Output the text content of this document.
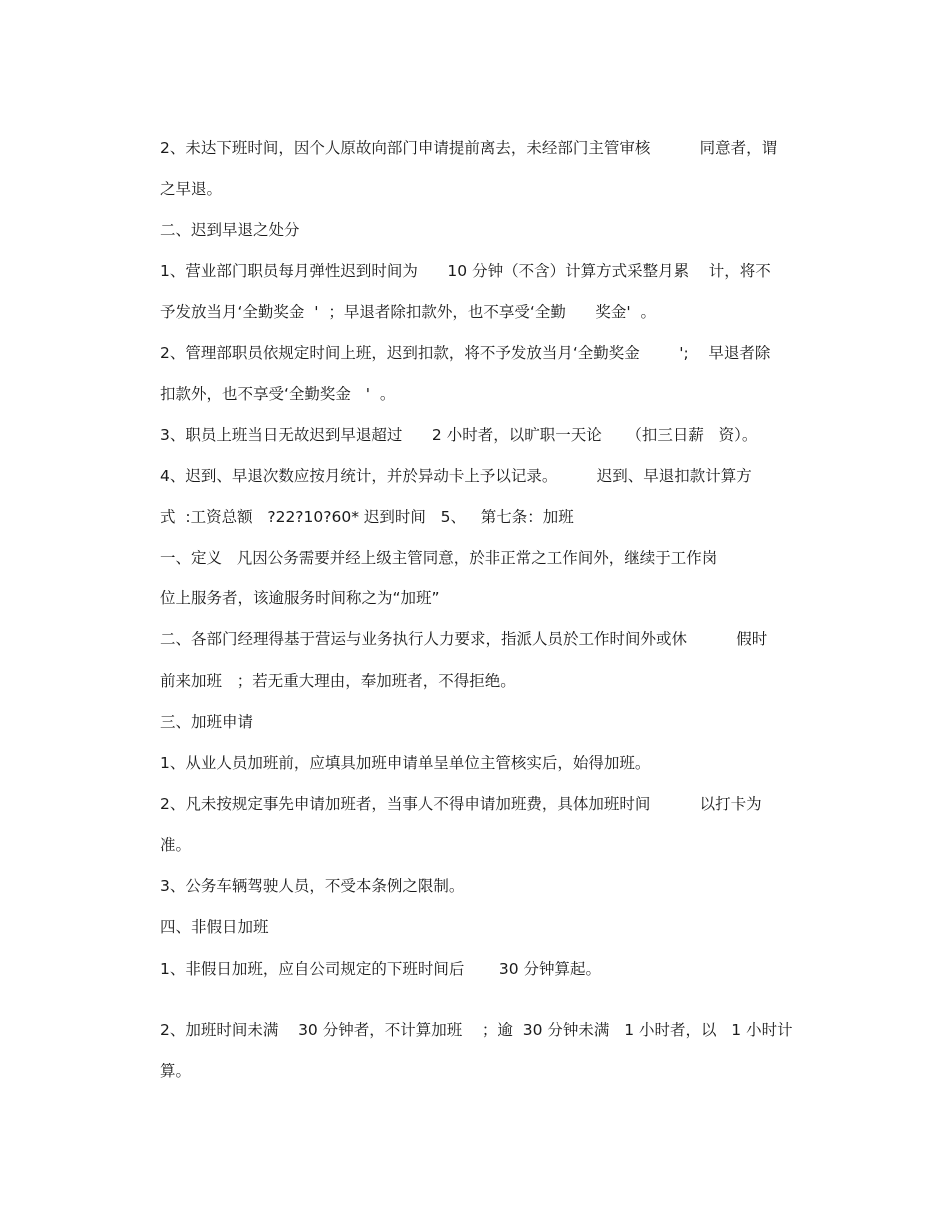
2、未达下班时间，因个人原故向部门申请提前离去，未经部门主管审核          同意者，谓

之早退。

二、迟到早退之处分

1、营业部门职员每月弹性迟到时间为      10 分钟（不含）计算方式采整月累    计，将不

予发放当月‘全勤奖金  '  ；早退者除扣款外，也不享受‘全勤      奖金'  。

2、管理部职员依规定时间上班，迟到扣款，将不予发放当月‘全勤奖金        ';    早退者除

扣款外，也不享受‘全勤奖金   '  。

3、职员上班当日无故迟到早退超过      2 小时者，以旷职一天论     （扣三日薪   资）。

4、迟到、早退次数应按月统计，并於异动卡上予以记录。        迟到、早退扣款计算方

式  :工资总额   ?22?10?60* 迟到时间   5、   第七条：加班

一、定义   凡因公务需要并经上级主管同意，於非正常之工作间外，继续于工作岗

位上服务者，该逾服务时间称之为“加班”

二、各部门经理得基于营运与业务执行人力要求，指派人员於工作时间外或休          假时

前来加班   ；若无重大理由，奉加班者，不得拒绝。

三、加班申请

1、从业人员加班前，应填具加班申请单呈单位主管核实后，始得加班。

2、凡未按规定事先申请加班者，当事人不得申请加班费，具体加班时间          以打卡为

准。

3、公务车辆驾驶人员，不受本条例之限制。

四、非假日加班

1、非假日加班，应自公司规定的下班时间后       30 分钟算起。

2、加班时间未满    30 分钟者，不计算加班    ；逾  30 分钟未满   1 小时者，以   1 小时计

算。
